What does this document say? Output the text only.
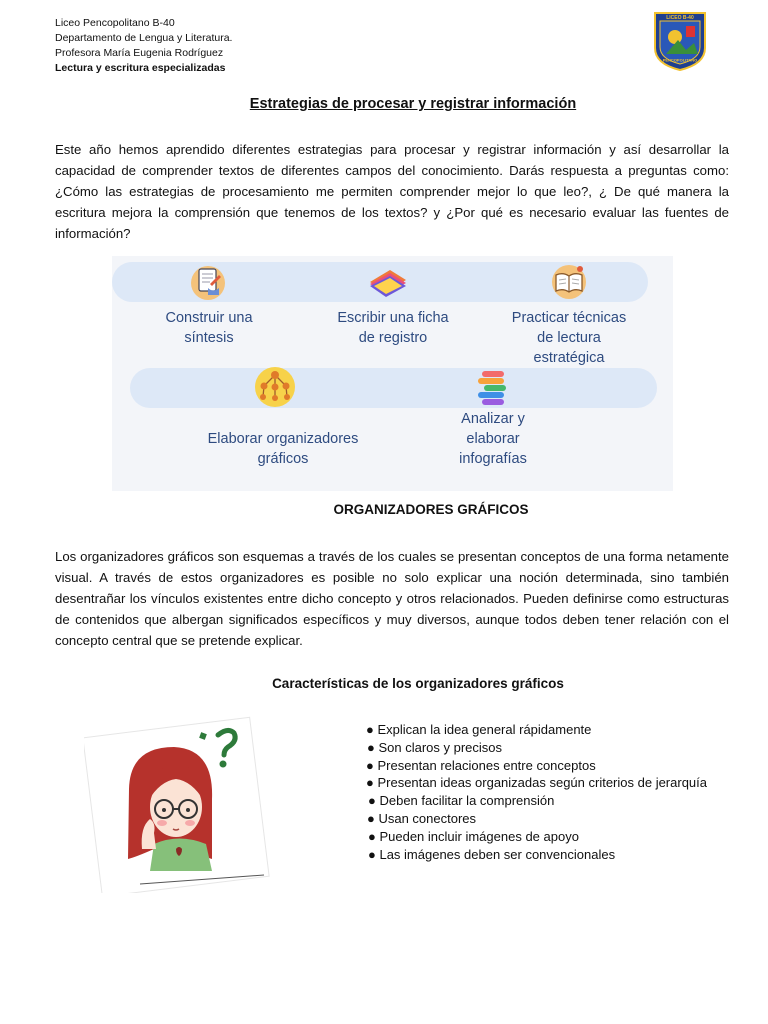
Liceo Pencopolitano B-40
Departamento de Lengua y Literatura.
Profesora María Eugenia Rodríguez
Lectura y escritura especializadas
LICEO B-40
PENCOPOLITANO
Estrategias de procesar y registrar información
Este año hemos aprendido diferentes estrategias para procesar y registrar información y así desarrollar la capacidad de comprender textos de diferentes campos del conocimiento. Darás respuesta a preguntas como: ¿Cómo las estrategias de procesamiento me permiten comprender mejor lo que leo?, ¿ De qué manera la escritura mejora la comprensión que tenemos de los textos? y ¿Por qué es necesario evaluar las fuentes de información?
Construir una
síntesis
Escribir una ficha
de registro
Practicar técnicas
de lectura
estratégica
Elaborar organizadores
gráficos
Analizar y
elaborar
infografías
ORGANIZADORES GRÁFICOS
Los organizadores gráficos son esquemas a través de los cuales se presentan conceptos de una forma netamente visual. A través de estos organizadores es posible no solo explicar una noción determinada, sino también desentrañar los vínculos existentes entre dicho concepto y otros relacionados. Pueden definirse como estructuras de contenidos que albergan significados específicos y muy diversos, aunque todos deben tener relación con el concepto central que se pretende explicar.
Características de los organizadores gráficos
● Explican la idea general rápidamente
● Son claros y precisos
● Presentan relaciones entre conceptos
● Presentan ideas organizadas según criterios de jerarquía
● Deben facilitar la comprensión
● Usan conectores
● Pueden incluir imágenes de apoyo
● Las imágenes deben ser convencionales
